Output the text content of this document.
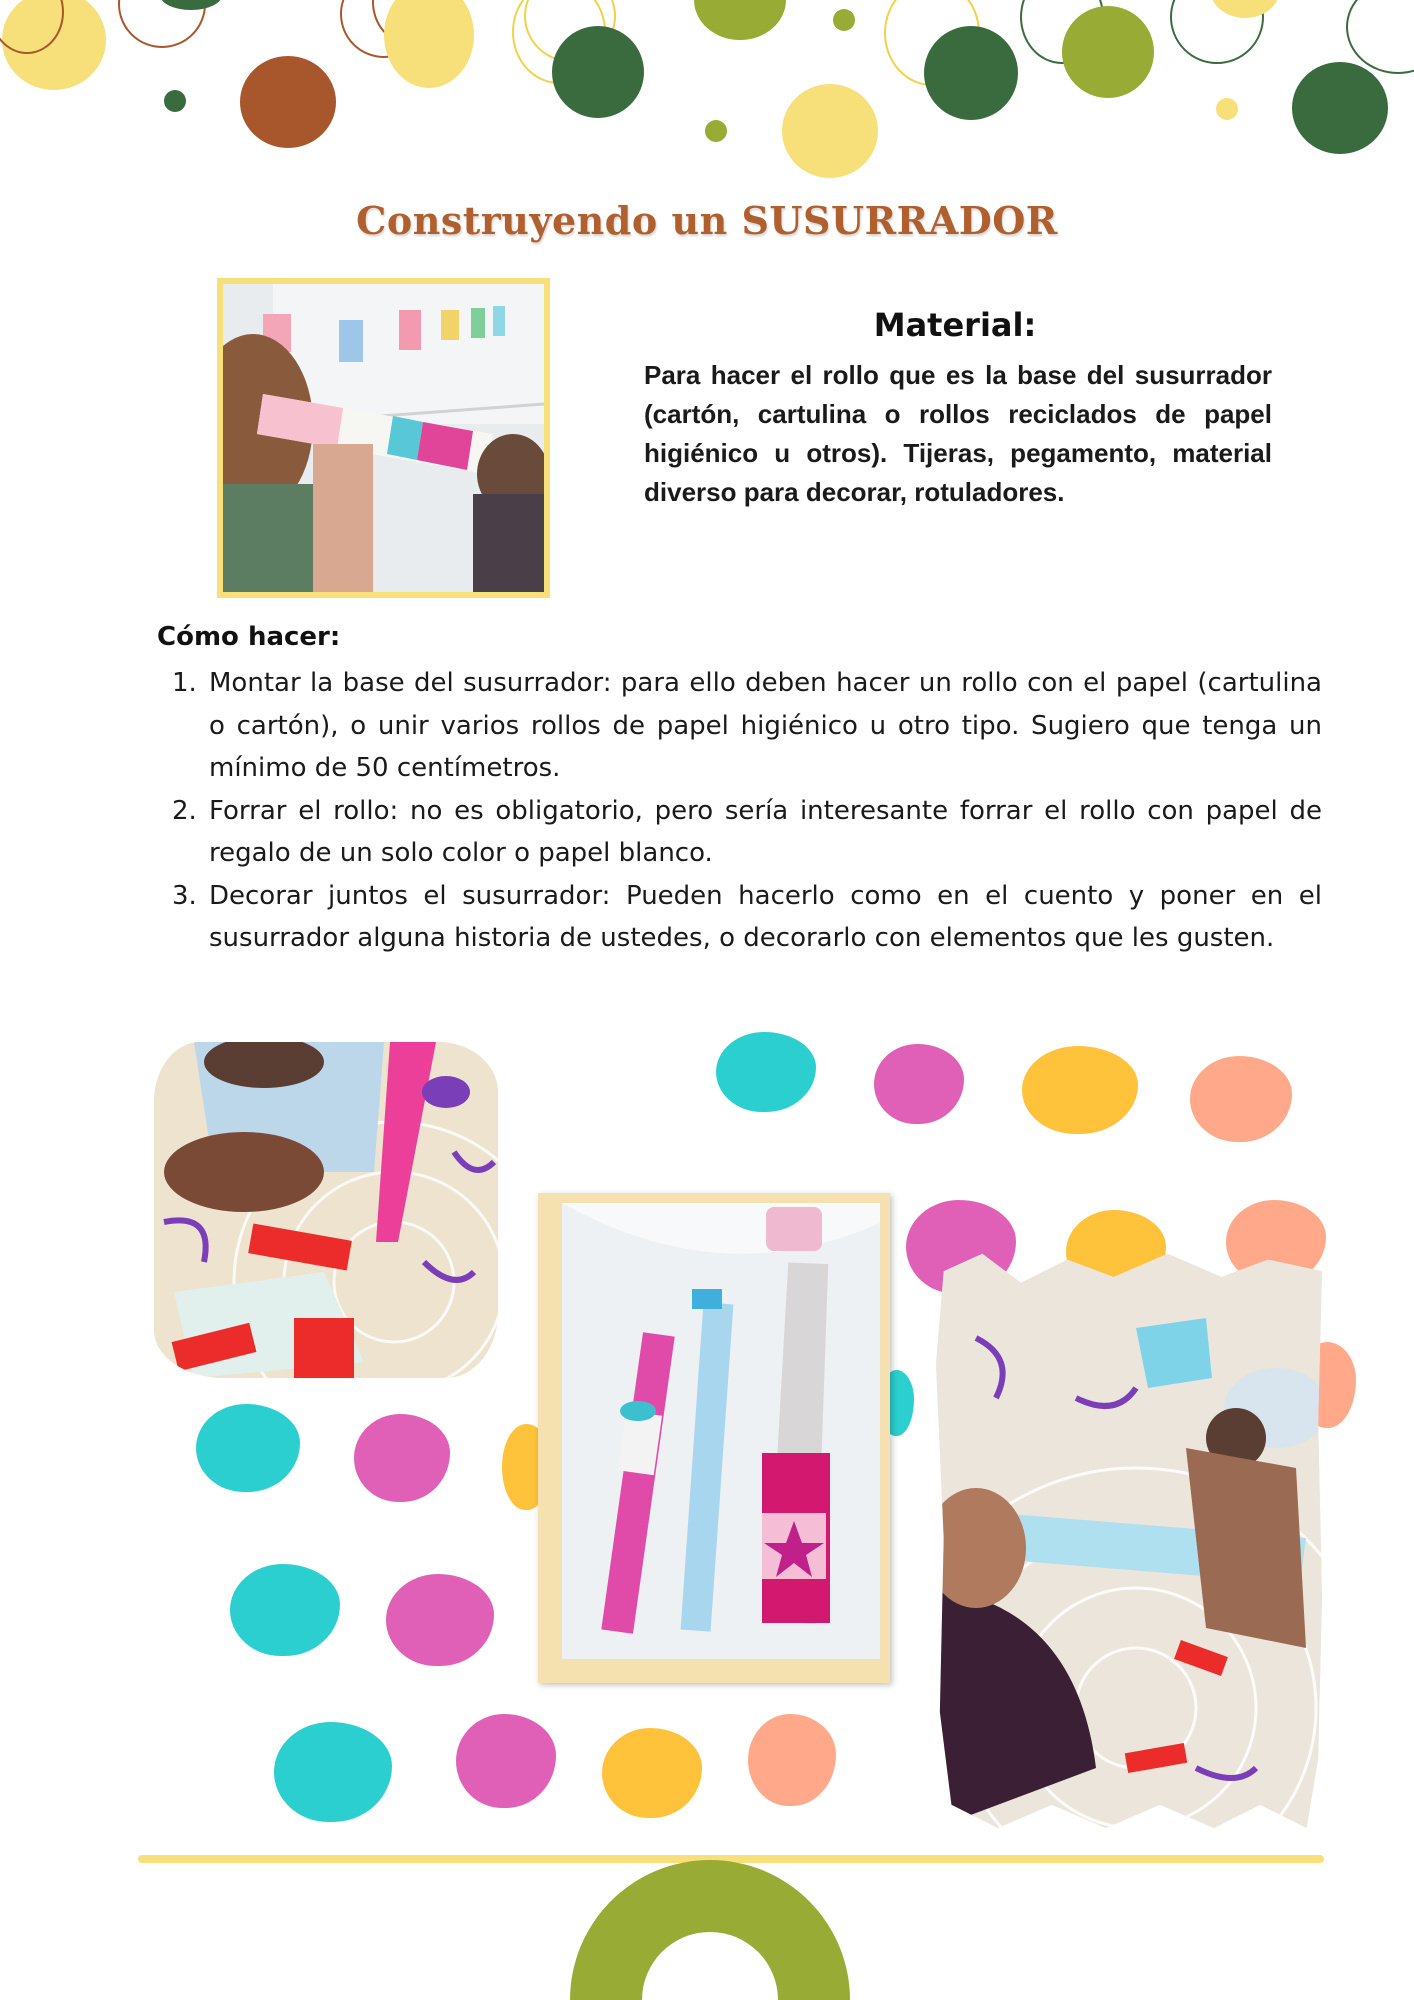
Construyendo un SUSURRADOR
Material:
Para hacer el rollo que es la base del susurrador (cartón, cartulina o rollos reciclados de papel higiénico u otros). Tijeras, pegamento, material diverso para decorar, rotuladores.
Cómo hacer:
1. Montar la base del susurrador: para ello deben hacer un rollo con el papel (cartulina o cartón), o unir varios rollos de papel higiénico u otro tipo. Sugiero que tenga un mínimo de 50 centímetros.
2. Forrar el rollo: no es obligatorio, pero sería interesante forrar el rollo con papel de regalo de un solo color o papel blanco.
3. Decorar juntos el susurrador: Pueden hacerlo como en el cuento y poner en el susurrador alguna historia de ustedes, o decorarlo con elementos que les gusten.
